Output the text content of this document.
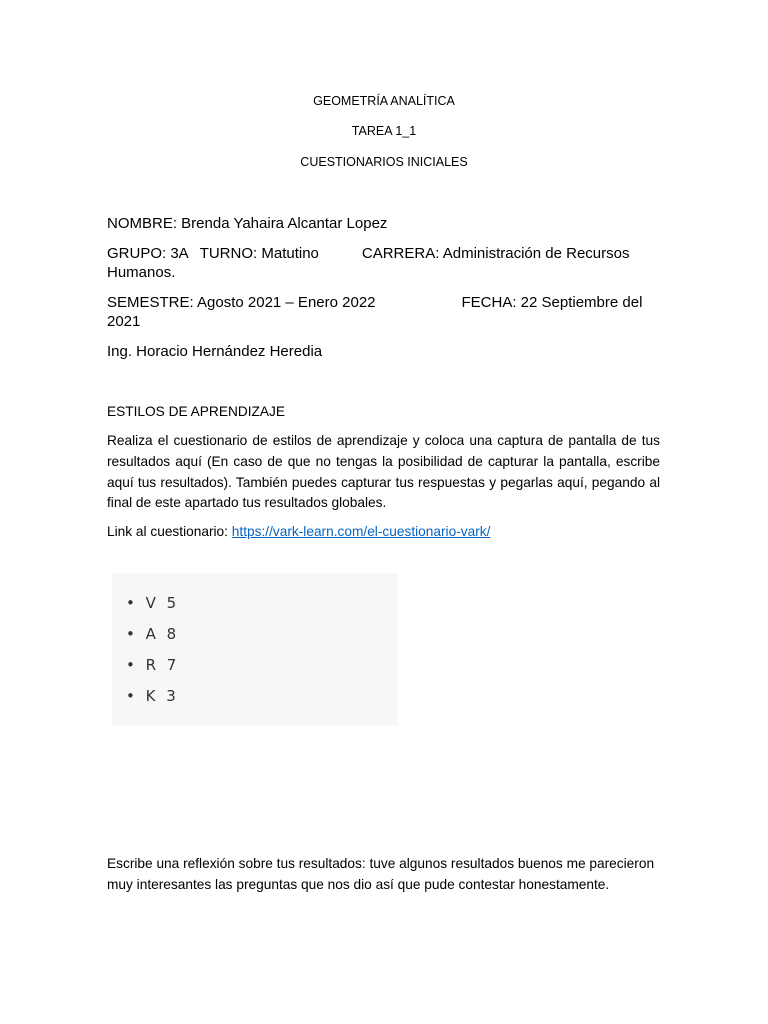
GEOMETRÍA ANALÍTICA
TAREA 1_1
CUESTIONARIOS INICIALES
NOMBRE: Brenda Yahaira Alcantar Lopez
GRUPO: 3A TURNO: Matutino	CARRERA: Administración de Recursos
Humanos.
SEMESTRE: Agosto 2021 – Enero 2022	FECHA: 22 Septiembre del
2021
Ing. Horacio Hernández Heredia
ESTILOS DE APRENDIZAJE
Realiza el cuestionario de estilos de aprendizaje y coloca una captura de pantalla de tus resultados aquí (En caso de que no tengas la posibilidad de capturar la pantalla, escribe aquí tus resultados). También puedes capturar tus respuestas y pegarlas aquí, pegando al final de este apartado tus resultados globales.
Link al cuestionario: https://vark-learn.com/el-cuestionario-vark/
• V 5
• A 8
• R 7
• K 3
Escribe una reflexión sobre tus resultados: tuve algunos resultados buenos me parecieron muy interesantes las preguntas que nos dio así que pude contestar honestamente.
